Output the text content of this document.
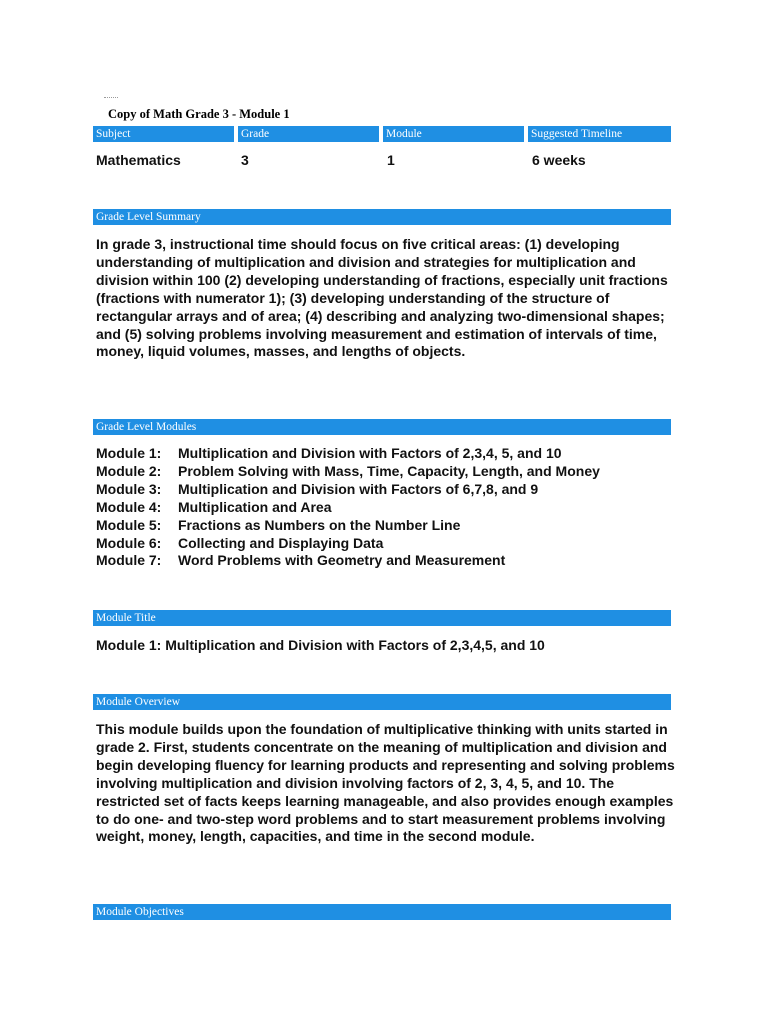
Copy of Math Grade 3 - Module 1
Subject	Grade	Module	Suggested Timeline
Mathematics	3	1	6 weeks
Grade Level Summary
In grade 3, instructional time should focus on five critical areas: (1) developing understanding of multiplication and division and strategies for multiplication and division within 100 (2) developing understanding of fractions, especially unit fractions (fractions with numerator 1); (3) developing understanding of the structure of rectangular arrays and of area; (4) describing and analyzing two-dimensional shapes; and (5) solving problems involving measurement and estimation of intervals of time, money, liquid volumes, masses, and lengths of objects.
Grade Level Modules
Module 1:	Multiplication and Division with Factors of 2,3,4, 5, and 10
Module 2:	Problem Solving with Mass, Time, Capacity, Length, and Money
Module 3:	Multiplication and Division with Factors of 6,7,8, and 9
Module 4:	Multiplication and Area
Module 5:	Fractions as Numbers on the Number Line
Module 6:	Collecting and Displaying Data
Module 7:	Word Problems with Geometry and Measurement
Module Title
Module 1: Multiplication and Division with Factors of 2,3,4,5, and 10
Module Overview
This module builds upon the foundation of multiplicative thinking with units started in grade 2. First, students concentrate on the meaning of multiplication and division and begin developing fluency for learning products and representing and solving problems involving multiplication and division involving factors of 2, 3, 4, 5, and 10. The restricted set of facts keeps learning manageable, and also provides enough examples to do one- and two-step word problems and to start measurement problems involving weight, money, length, capacities, and time in the second module.
Module Objectives
